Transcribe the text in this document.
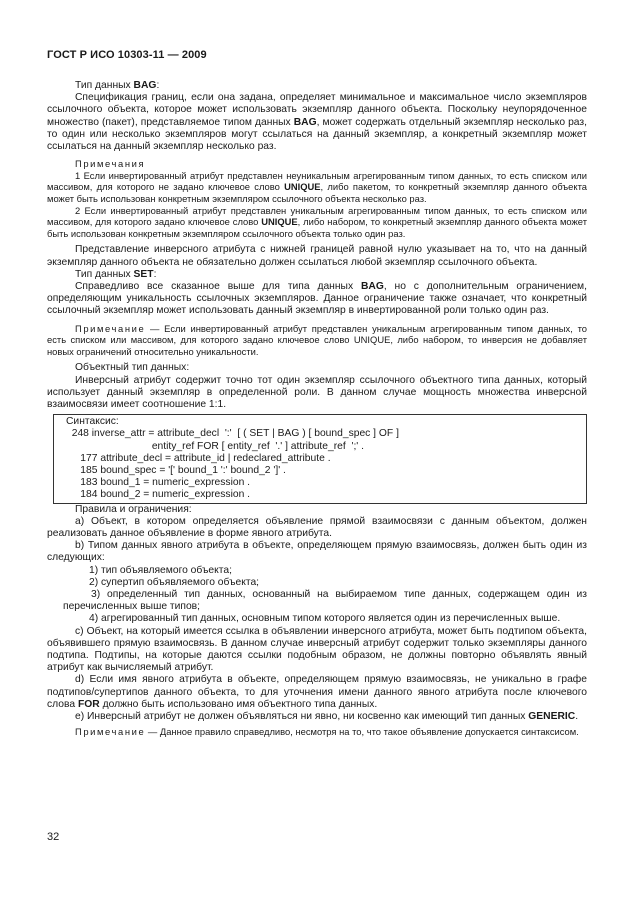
ГОСТ Р ИСО 10303-11 — 2009

Тип данных BAG:

Спецификация границ, если она задана, определяет минимальное и максимальное число экземпляров ссылочного объекта, которое может использовать экземпляр данного объекта. Поскольку неупорядоченное множество (пакет), представляемое типом данных BAG, может содержать отдельный экземпляр несколько раз, то один или несколько экземпляров могут ссылаться на данный экземпляр, а конкретный экземпляр может ссылаться на данный экземпляр несколько раз.

Примечания

1 Если инвертированный атрибут представлен неуникальным агрегированным типом данных, то есть списком или массивом, для которого не задано ключевое слово UNIQUE, либо пакетом, то конкретный экземпляр данного объекта может быть использован конкретным экземпляром ссылочного объекта несколько раз.

2 Если инвертированный атрибут представлен уникальным агрегированным типом данных, то есть списком или массивом, для которого задано ключевое слово UNIQUE, либо набором, то конкретный экземпляр данного объекта может быть использован конкретным экземпляром ссылочного объекта только один раз.

Представление инверсного атрибута с нижней границей равной нулю указывает на то, что на данный экземпляр данного объекта не обязательно должен ссылаться любой экземпляр ссылочного объекта.

Тип данных SET:

Справедливо все сказанное выше для типа данных BAG, но с дополнительным ограничением, определяющим уникальность ссылочных экземпляров. Данное ограничение также означает, что конкретный ссылочный экземпляр может использовать данный экземпляр в инвертированной роли только один раз.

Примечание — Если инвертированный атрибут представлен уникальным агрегированным типом данных, то есть списком или массивом, для которого задано ключевое слово UNIQUE, либо набором, то инверсия не добавляет новых ограничений относительно уникальности.

Объектный тип данных:

Инверсный атрибут содержит точно тот один экземпляр ссылочного объектного типа данных, который использует данный экземпляр в определенной роли. В данном случае мощность множества инверсной взаимосвязи имеет соотношение 1:1.

Синтаксис:

248 inverse_attr = attribute_decl  ':'  [ ( SET | BAG ) [ bound_spec ] OF ]

entity_ref FOR [ entity_ref  '.' ] attribute_ref  ';' .

177 attribute_decl = attribute_id | redeclared_attribute .

185 bound_spec = '[' bound_1 ':' bound_2 ']' .

183 bound_1 = numeric_expression .

184 bound_2 = numeric_expression .

Правила и ограничения:

a) Объект, в котором определяется объявление прямой взаимосвязи с данным объектом, должен реализовать данное объявление в форме явного атрибута.

b) Типом данных явного атрибута в объекте, определяющем прямую взаимосвязь, должен быть один из следующих:

1) тип объявляемого объекта;

2) супертип объявляемого объекта;

3) определенный тип данных, основанный на выбираемом типе данных, содержащем один из перечисленных выше типов;

4) агрегированный тип данных, основным типом которого является один из перечисленных выше.

c) Объект, на который имеется ссылка в объявлении инверсного атрибута, может быть подтипом объекта, объявившего прямую взаимосвязь. В данном случае инверсный атрибут содержит только экземпляры данного подтипа. Подтипы, на которые даются ссылки подобным образом, не должны повторно объявлять явный атрибут как вычисляемый атрибут.

d) Если имя явного атрибута в объекте, определяющем прямую взаимосвязь, не уникально в графе подтипов/супертипов данного объекта, то для уточнения имени данного явного атрибута после ключевого слова FOR должно быть использовано имя объектного типа данных.

e) Инверсный атрибут не должен объявляться ни явно, ни косвенно как имеющий тип данных GENERIC.

Примечание — Данное правило справедливо, несмотря на то, что такое объявление допускается синтаксисом.

32
